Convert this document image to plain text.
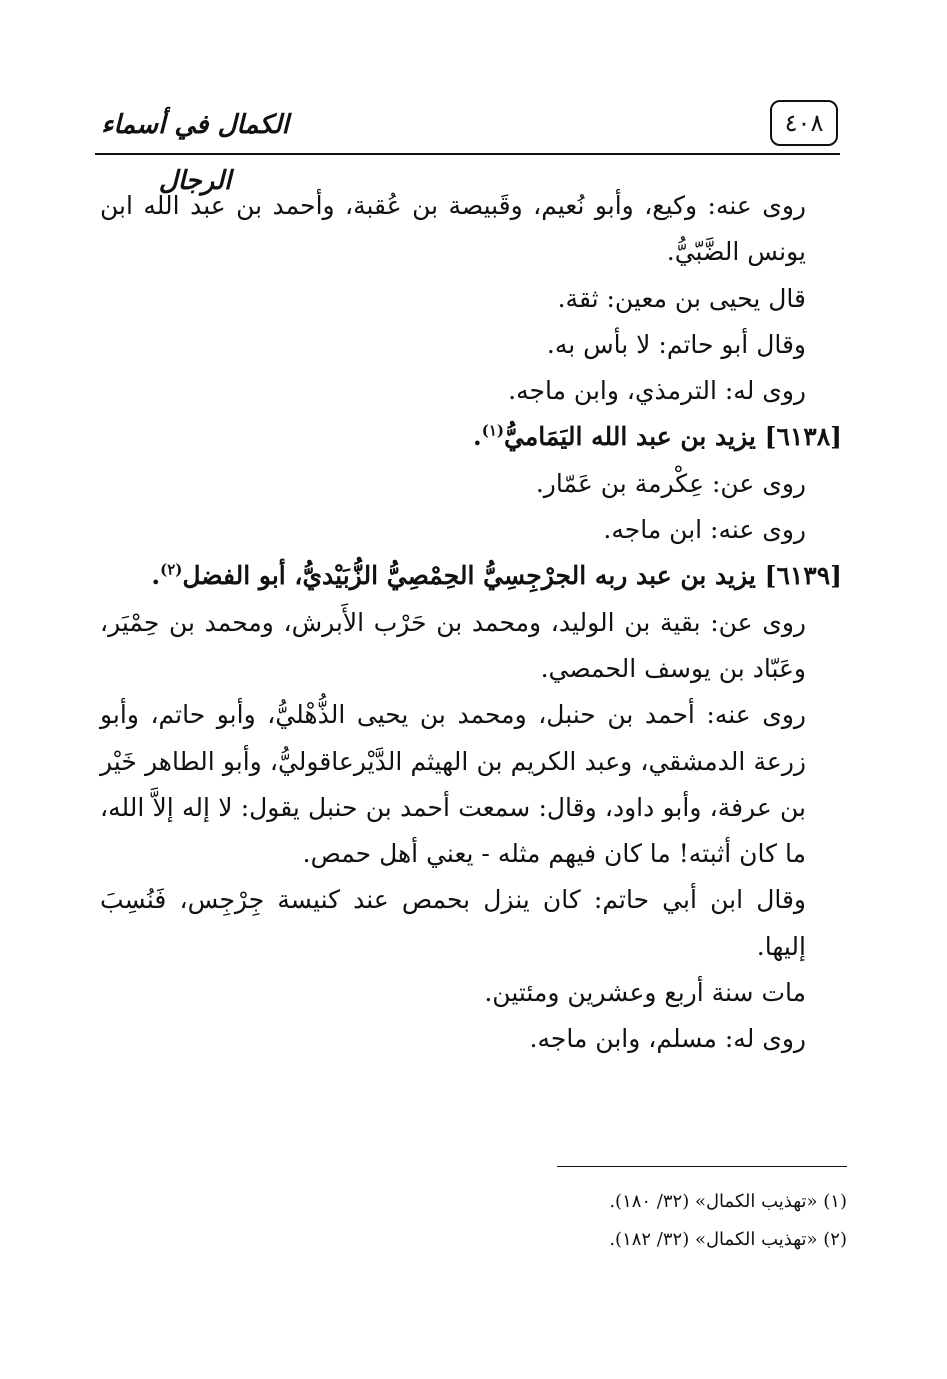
٤٠٨
الكمال في أسماء الرجال

روى عنه: وكيع، وأبو نُعيم، وقَبيصة بن عُقبة، وأحمد بن عبد الله ابن يونس الضَّبّيُّ.

قال يحيى بن معين: ثقة.

وقال أبو حاتم: لا بأس به.

روى له: الترمذي، وابن ماجه.

[٦١٣٨] يزيد بن عبد الله اليَمَاميُّ$^{(١)}$.

روى عن: عِكْرمة بن عَمّار.

روى عنه: ابن ماجه.

[٦١٣٩] يزيد بن عبد ربه الجرْجِسِيُّ الحِمْصِيُّ الزُّبَيْديُّ، أبو الفضل$^{(٢)}$.

روى عن: بقية بن الوليد، ومحمد بن حَرْب الأَبرش، ومحمد بن حِمْيَر، وعَبّاد بن يوسف الحمصي.

روى عنه: أحمد بن حنبل، ومحمد بن يحيى الذُّهْليُّ، وأبو حاتم، وأبو زرعة الدمشقي، وعبد الكريم بن الهيثم الدَّيْرعاقوليُّ، وأبو الطاهر خَيْر بن عرفة، وأبو داود، وقال: سمعت أحمد بن حنبل يقول: لا إله إلاَّ الله، ما كان أثبته! ما كان فيهم مثله - يعني أهل حمص.

وقال ابن أبي حاتم: كان ينزل بحمص عند كنيسة جِرْجِس، فَنُسِبَ إليها.

مات سنة أربع وعشرين ومئتين.

روى له: مسلم، وابن ماجه.

(١) «تهذيب الكمال» (٣٢/ ١٨٠).

(٢) «تهذيب الكمال» (٣٢/ ١٨٢).
